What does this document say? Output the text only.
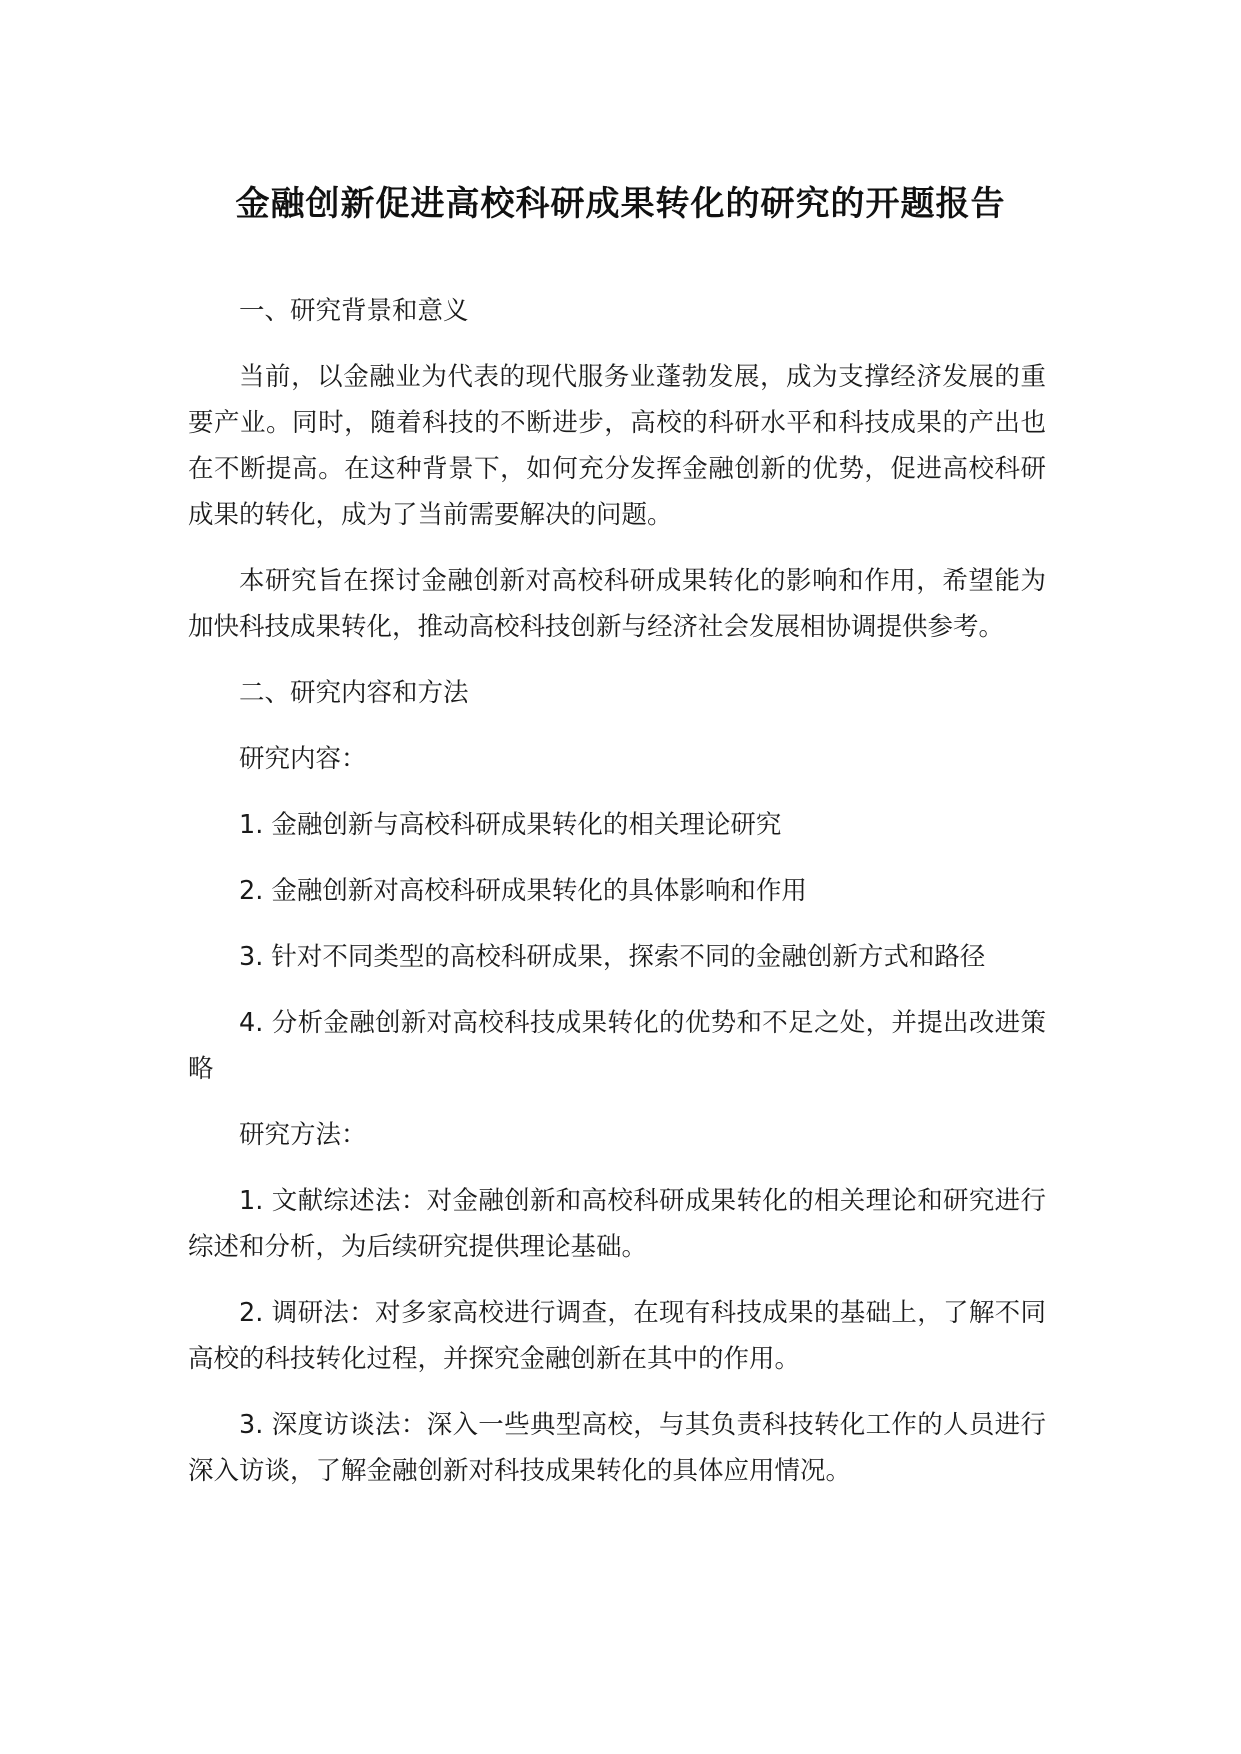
金融创新促进高校科研成果转化的研究的开题报告

一、研究背景和意义

当前，以金融业为代表的现代服务业蓬勃发展，成为支撑经济发展的重要产业。同时，随着科技的不断进步，高校的科研水平和科技成果的产出也在不断提高。在这种背景下，如何充分发挥金融创新的优势，促进高校科研成果的转化，成为了当前需要解决的问题。

本研究旨在探讨金融创新对高校科研成果转化的影响和作用，希望能为加快科技成果转化，推动高校科技创新与经济社会发展相协调提供参考。

二、研究内容和方法

研究内容：

1. 金融创新与高校科研成果转化的相关理论研究

2. 金融创新对高校科研成果转化的具体影响和作用

3. 针对不同类型的高校科研成果，探索不同的金融创新方式和路径

4. 分析金融创新对高校科技成果转化的优势和不足之处，并提出改进策略

研究方法：

1. 文献综述法：对金融创新和高校科研成果转化的相关理论和研究进行综述和分析，为后续研究提供理论基础。

2. 调研法：对多家高校进行调查，在现有科技成果的基础上，了解不同高校的科技转化过程，并探究金融创新在其中的作用。

3. 深度访谈法：深入一些典型高校，与其负责科技转化工作的人员进行深入访谈，了解金融创新对科技成果转化的具体应用情况。
